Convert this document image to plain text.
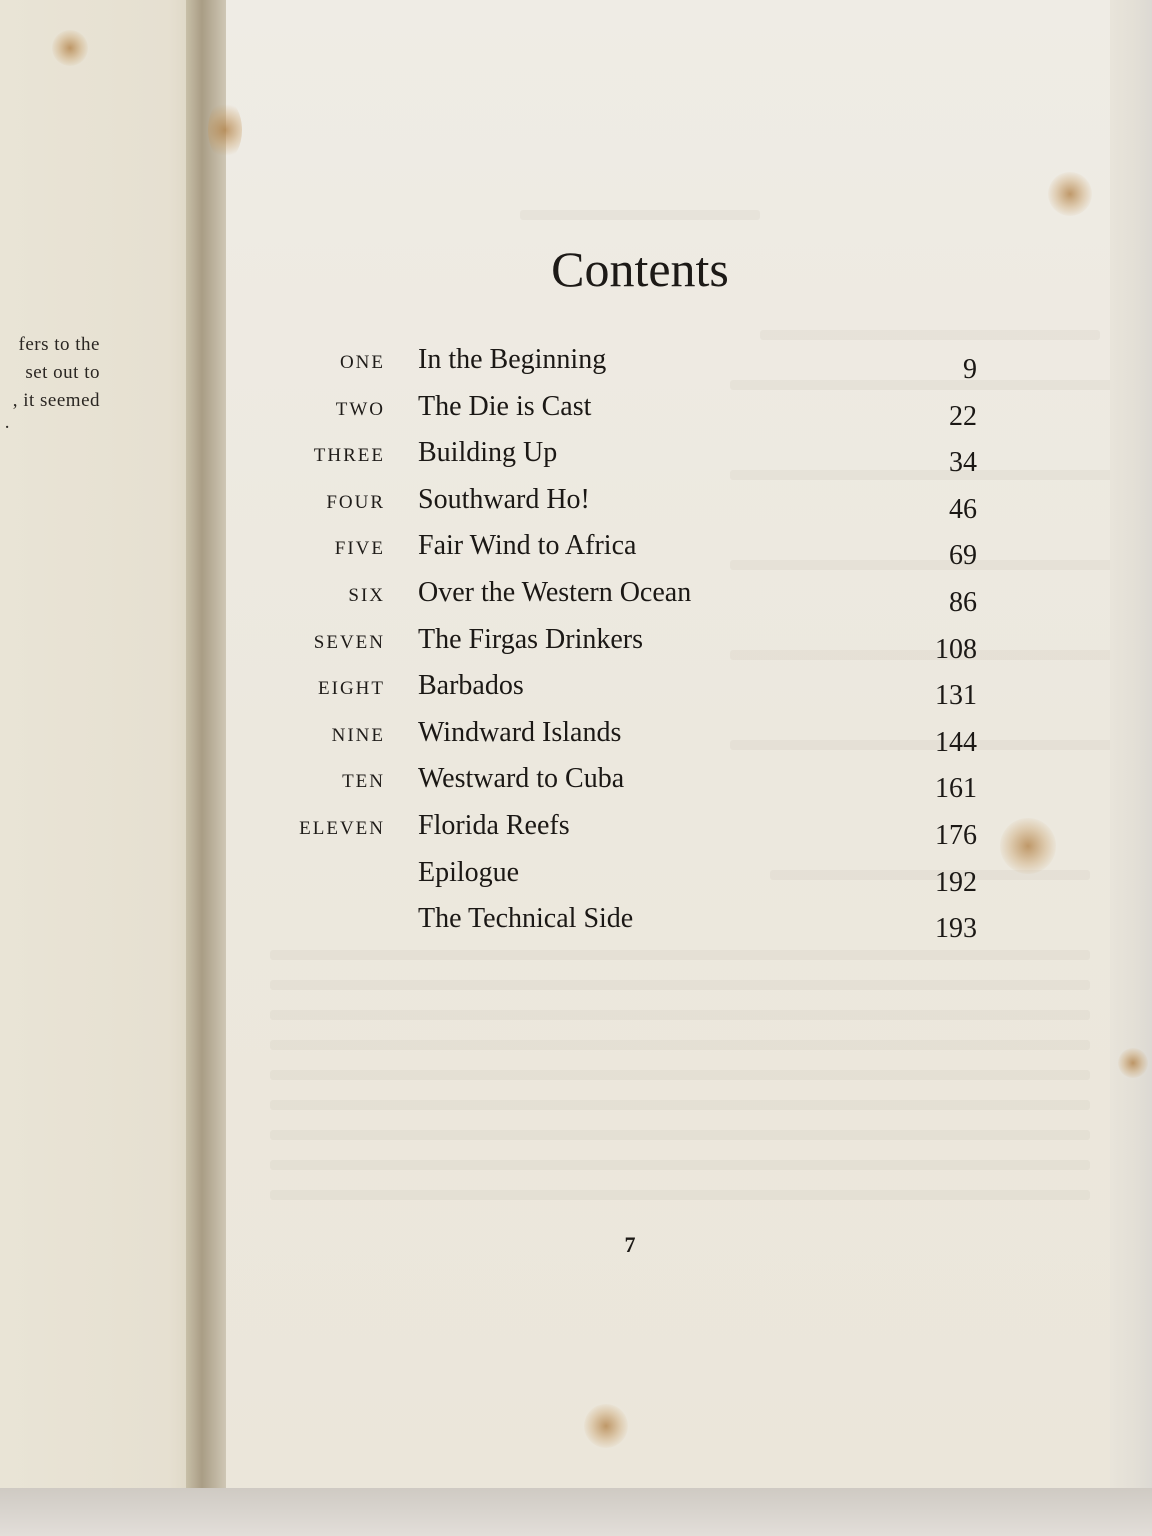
fers to the
set out to
, it seemed
.
Contents
ONE In the Beginning	9
TWO The Die is Cast	22
THREE Building Up	34
FOUR Southward Ho!	46
FIVE Fair Wind to Africa	69
SIX Over the Western Ocean	86
SEVEN The Firgas Drinkers	108
EIGHT Barbados	131
NINE Windward Islands	144
TEN Westward to Cuba	161
ELEVEN Florida Reefs	176
Epilogue	192
The Technical Side	193
7
